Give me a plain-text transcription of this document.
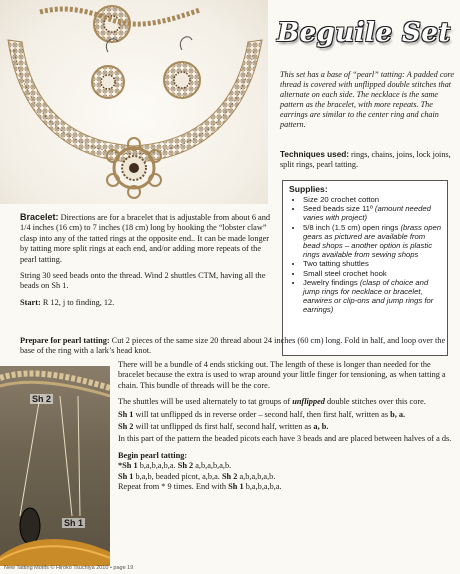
Beguile Set
This set has a base of “pearl” tatting: A padded core thread is covered with unflipped double stitches that alternate on each side. The necklace is the same pattern as the bracelet, with more repeats. The earrings are similar to the center ring and chain pattern.
Techniques used: rings, chains, joins, lock joins, split rings, pearl tatting.
Supplies:
• Size 20 crochet cotton
• Seed beads size 11º (amount needed varies with project)
• 5/8 inch (1.5 cm) open rings (brass open gears as pictured are available from bead shops – another option is plastic rings available from sewing shops
• Two tatting shuttles
• Small steel crochet hook
• Jewelry findings (clasp of choice and jump rings for necklace or bracelet, earwires or clip-ons and jump rings for earrings)

Bracelet: Directions are for a bracelet that is adjustable from about 6 and 1/4 inches (16 cm) to 7 inches (18 cm) long by hooking the “lobster claw” clasp into any of the tatted rings at the opposite end.. It can be made longer by tatting more split rings at each end, and/or adding more repeats of the pearl tatting.

String 30 seed beads onto the thread. Wind 2 shuttles CTM, having all the beads on Sh 1.

Start: R 12, j to finding, 12.

Prepare for pearl tatting: Cut 2 pieces of the same size 20 thread about 24 inches (60 cm) long. Fold in half, and loop over the base of the ring with a lark’s head knot.
Sh 2
Sh 1

There will be a bundle of 4 ends sticking out. The length of these is longer than needed for the bracelet because the extra is used to wrap around your little finger for tensioning, as when tatting a chain. This bundle of threads will be the core.

The shuttles will be used alternately to tat groups of unflipped double stitches over this core.

Sh 1 will tat unflipped ds in reverse order – second half, then first half, written as b, a.

Sh 2 will tat unflipped ds first half, second half, written as a, b.

In this part of the pattern the beaded picots each have 3 beads and are placed between halves of a ds.

Begin pearl tatting:
*Sh 1 b,a,b,a,b,a. Sh 2 a,b,a,b,a,b.
Sh 1 b,a,b, beaded picot, a,b,a. Sh 2 a,b,a,b,a,b.
Repeat from * 9 times. End with Sh 1 b,a,b,a,b,a.

New Tatting Motifs © Hiroko Tsuchiya 2010 • page 19
